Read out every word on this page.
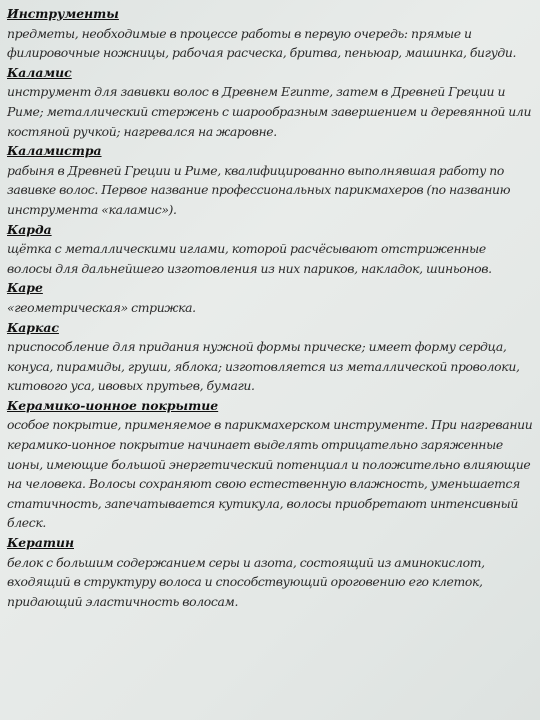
Инструменты
предметы, необходимые в процессе работы в первую очередь: прямые и филировочные ножницы, рабочая расческа, бритва, пеньюар, машинка, бигуди.
Каламис
инструмент для завивки волос в Древнем Египте, затем в Древней Греции и Риме; металлический стержень с шарообразным завершением и деревянной или костяной ручкой; нагревался на жаровне.
Каламистра
рабыня в Древней Греции и Риме, квалифицированно выполнявшая работу по завивке волос. Первое название профессиональных парикмахеров (по названию инструмента «каламис»).
Карда
щётка с металлическими иглами, которой расчёсывают отстриженные волосы для дальнейшего изготовления из них париков, накладок, шиньонов.
Каре
«геометрическая» стрижка.
Каркас
приспособление для придания нужной формы прическе; имеет форму сердца, конуса, пирамиды, груши, яблока; изготовляется из металлической проволоки, китового уса, ивовых прутьев, бумаги.
Керамико-ионное покрытие
особое покрытие, применяемое в парикмахерском инструменте. При нагревании керамико-ионное покрытие начинает выделять отрицательно заряженные ионы, имеющие большой энергетический потенциал и положительно влияющие на человека. Волосы сохраняют свою естественную влажность, уменьшается статичность, запечатывается кутикула, волосы приобретают интенсивный блеск.
Кератин
белок с большим содержанием серы и азота, состоящий из аминокислот, входящий в структуру волоса и способствующий ороговению его клеток, придающий эластичность волосам.
